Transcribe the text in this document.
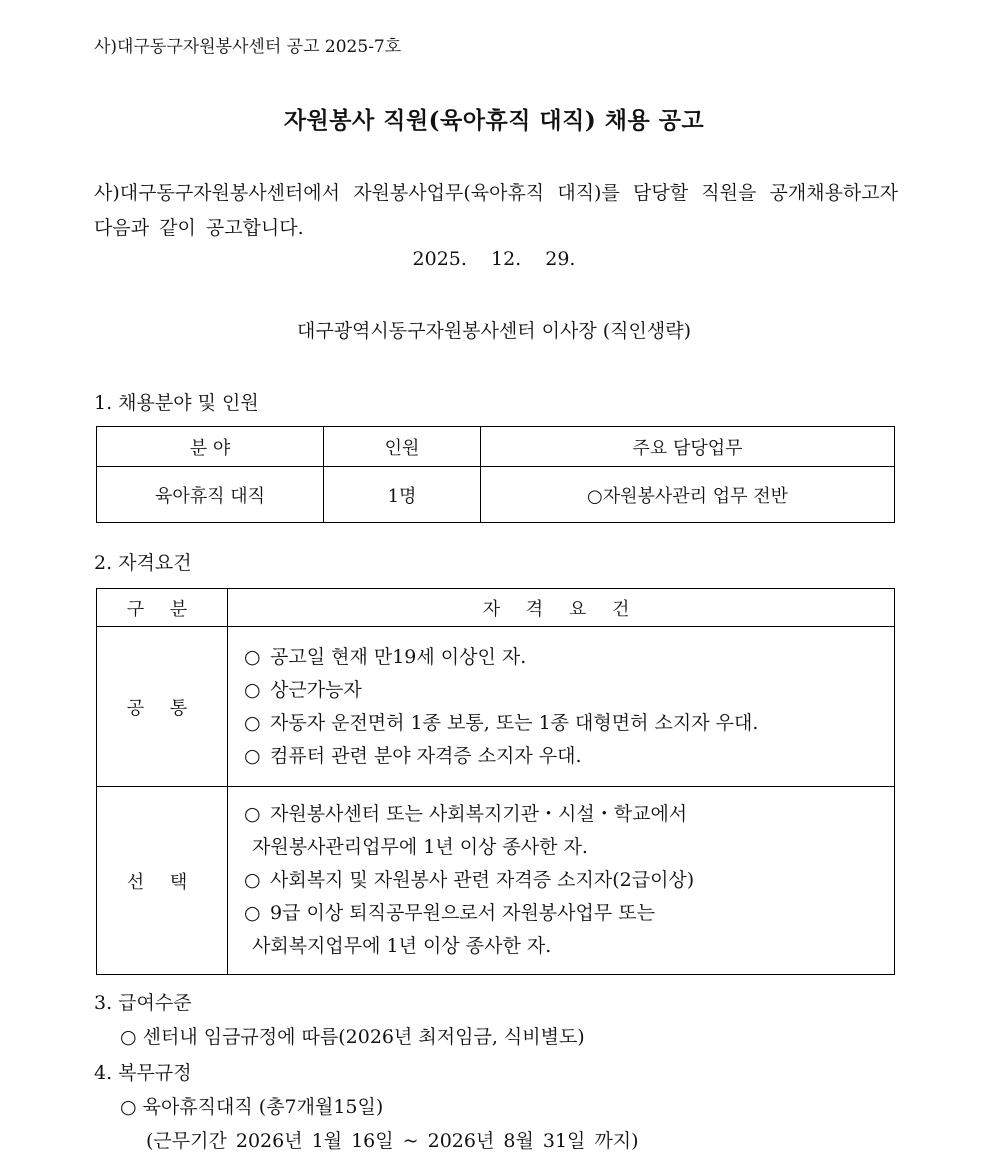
사)대구동구자원봉사센터 공고 2025-7호
자원봉사 직원(육아휴직 대직) 채용 공고
사)대구동구자원봉사센터에서 자원봉사업무(육아휴직 대직)를 담당할 직원을 공개채용하고자 다음과 같이 공고합니다.
2025. 12. 29.
대구광역시동구자원봉사센터 이사장 (직인생략)
1. 채용분야 및 인원
분 야	인원	주요 담당업무
육아휴직 대직	1명	○자원봉사관리 업무 전반
2. 자격요건
구 분	자 격 요 건
공 통	○ 공고일 현재 만19세 이상인 자.
○ 상근가능자
○ 자동자 운전면허 1종 보통, 또는 1종 대형면허 소지자 우대.
○ 컴퓨터 관련 분야 자격증 소지자 우대.

선 택	○ 자원봉사센터 또는 사회복지기관・시설・학교에서
자원봉사관리업무에 1년 이상 종사한 자.
○ 사회복지 및 자원봉사 관련 자격증 소지자(2급이상)
○ 9급 이상 퇴직공무원으로서 자원봉사업무 또는
사회복지업무에 1년 이상 종사한 자.
3. 급여수준
○ 센터내 임금규정에 따름(2026년 최저임금, 식비별도)
4. 복무규정
○ 육아휴직대직 (총7개월15일)
(근무기간 2026년 1월 16일 ~ 2026년 8월 31일 까지)
